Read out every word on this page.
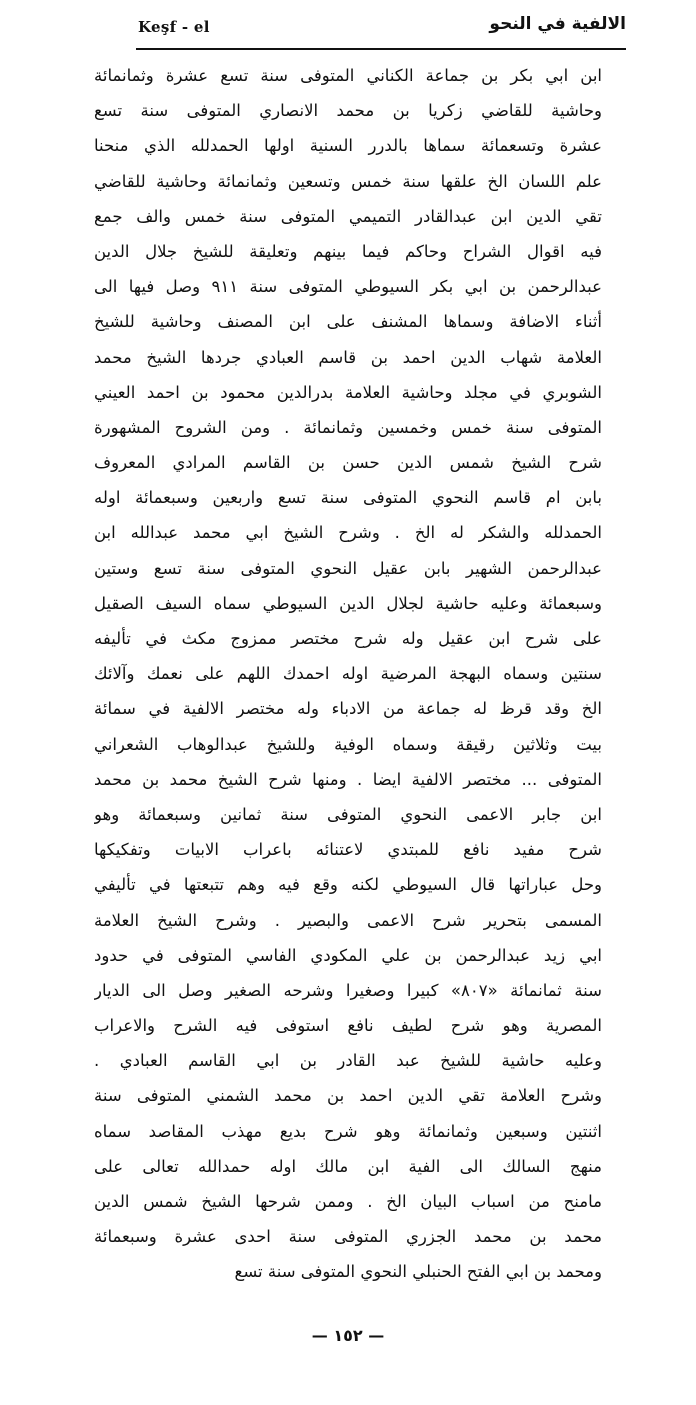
Keşf - el	الالفية في النحو
ابن ابي بكر بن جماعة الكناني المتوفى سنة تسع عشرة وثمانمائة
وحاشية للقاضي زكريا بن محمد الانصاري المتوفى سنة تسع
عشرة وتسعمائة سماها بالدرر السنية اولها الحمدلله الذي منحنا
علم اللسان الخ علقها سنة خمس وتسعين وثمانمائة وحاشية للقاضي
تقي الدين ابن عبدالقادر التميمي المتوفى سنة خمس والف جمع
فيه اقوال الشراح وحاكم فيما بينهم وتعليقة للشيخ جلال الدين
عبدالرحمن بن ابي بكر السيوطي المتوفى سنة ٩١١ وصل فيها الى
أثناء الاضافة وسماها المشنف على ابن المصنف وحاشية للشيخ
العلامة شهاب الدين احمد بن قاسم العبادي جردها الشيخ محمد
الشوبري في مجلد وحاشية العلامة بدرالدين محمود بن احمد العيني
المتوفى سنة خمس وخمسين وثمانمائة . ومن الشروح المشهورة
شرح الشيخ شمس الدين حسن بن القاسم المرادي المعروف
بابن ام قاسم النحوي المتوفى سنة تسع واربعين وسبعمائة اوله
الحمدلله والشكر له الخ . وشرح الشيخ ابي محمد عبدالله ابن
عبدالرحمن الشهير بابن عقيل النحوي المتوفى سنة تسع وستين
وسبعمائة وعليه حاشية لجلال الدين السيوطي سماه السيف الصقيل
على شرح ابن عقيل وله شرح مختصر ممزوج مكث في تأليفه
سنتين وسماه البهجة المرضية اوله احمدك اللهم على نعمك وآلائك
الخ وقد قرظ له جماعة من الادباء وله مختصر الالفية في سمائة
بيت وثلاثين رقيقة وسماه الوفية وللشيخ عبدالوهاب الشعراني
المتوفى ... مختصر الالفية ايضا . ومنها شرح الشيخ محمد بن محمد
ابن جابر الاعمى النحوي المتوفى سنة ثمانين وسبعمائة وهو
شرح مفيد نافع للمبتدي لاعتنائه باعراب الابيات وتفكيكها
وحل عباراتها قال السيوطي لكنه وقع فيه وهم تتبعتها في تأليفي
المسمى بتحرير شرح الاعمى والبصير . وشرح الشيخ العلامة
ابي زيد عبدالرحمن بن علي المكودي الفاسي المتوفى في حدود
سنة ثمانمائة «٨٠٧» كبيرا وصغيرا وشرحه الصغير وصل الى الديار
المصرية وهو شرح لطيف نافع استوفى فيه الشرح والاعراب
وعليه حاشية للشيخ عبد القادر بن ابي القاسم العبادي .
وشرح العلامة تقي الدين احمد بن محمد الشمني المتوفى سنة
اثنتين وسبعين وثمانمائة وهو شرح بديع مهذب المقاصد سماه
منهج السالك الى الفية ابن مالك اوله حمدالله تعالى على
مامنح من اسباب البيان الخ . وممن شرحها الشيخ شمس الدين
محمد بن محمد الجزري المتوفى سنة احدى عشرة وسبعمائة
ومحمد بن ابي الفتح الحنبلي النحوي المتوفى سنة تسع
— ١٥٢ —
